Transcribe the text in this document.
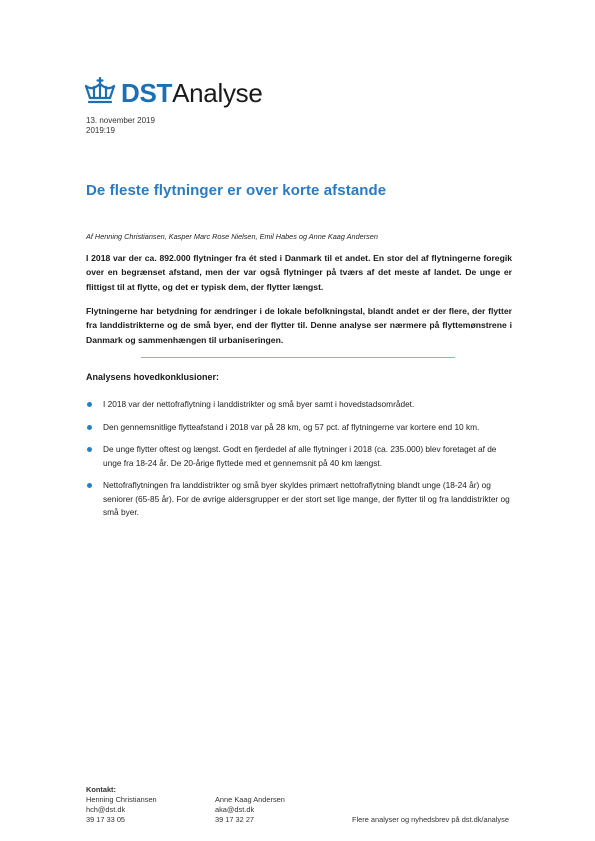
DSTAnalyse
13. november 2019
2019:19
De fleste flytninger er over korte afstande
Af Henning Christiansen, Kasper Marc Rose Nielsen, Emil Habes og Anne Kaag Andersen

I 2018 var der ca. 892.000 flytninger fra ét sted i Danmark til et andet. En stor del af flytningerne foregik over en begrænset afstand, men der var også flytninger på tværs af det meste af landet. De unge er flittigst til at flytte, og det er typisk dem, der flytter længst.

Flytningerne har betydning for ændringer i de lokale befolkningstal, blandt andet er der flere, der flytter fra landdistrikterne og de små byer, end der flytter til. Denne analyse ser nærmere på flyttemønstrene i Danmark og sammenhængen til urbaniseringen.

Analysens hovedkonklusioner:
I 2018 var der nettofraflytning i landdistrikter og små byer samt i hovedstadsområdet.
Den gennemsnitlige flytteafstand i 2018 var på 28 km, og 57 pct. af flytningerne var kortere end 10 km.
De unge flytter oftest og længst. Godt en fjerdedel af alle flytninger i 2018 (ca. 235.000) blev foretaget af de unge fra 18-24 år. De 20-årige flyttede med et gennemsnit på 40 km længst.
Nettofraflytningen fra landdistrikter og små byer skyldes primært nettofraflytning blandt unge (18-24 år) og seniorer (65-85 år). For de øvrige aldersgrupper er der stort set lige mange, der flytter til og fra landdistrikter og små byer.
Kontakt:
Henning Christiansen
hch@dst.dk
39 17 33 05
Anne Kaag Andersen
aka@dst.dk
39 17 32 27	Flere analyser og nyhedsbrev på dst.dk/analyse
